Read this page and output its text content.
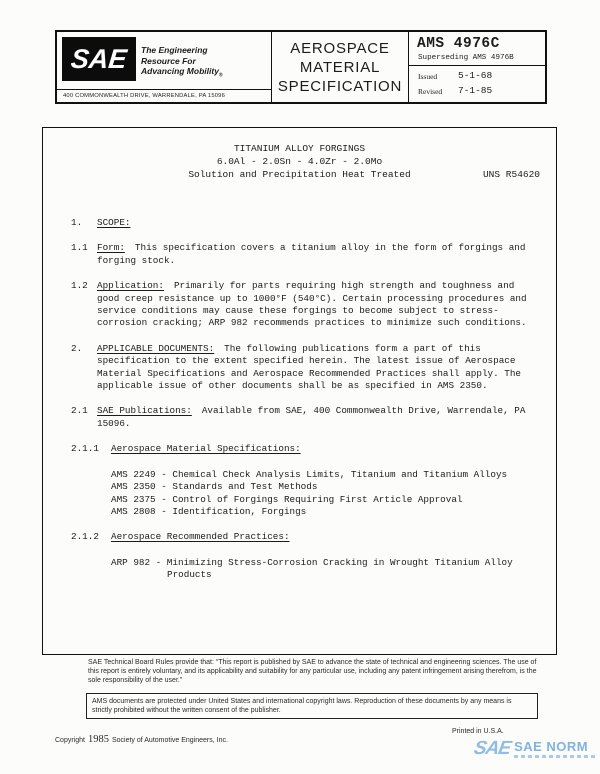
SAE The Engineering
Resource For
Advancing Mobility$_®$
400 COMMONWEALTH DRIVE, WARRENDALE, PA 15096
AEROSPACE
MATERIAL
SPECIFICATION
AMS 4976C
Superseding AMS 4976B
Issued	5-1-68
Revised	7-1-85
TITANIUM ALLOY FORGINGS
6.0Al - 2.0Sn - 4.0Zr - 2.0Mo
Solution and Precipitation Heat Treated	UNS R54620
1. SCOPE:
1.1 Form: This specification covers a titanium alloy in the form of forgings and forging stock.
1.2 Application: Primarily for parts requiring high strength and toughness and good creep resistance up to 1000°F (540°C). Certain processing procedures and service conditions may cause these forgings to become subject to stress-corrosion cracking; ARP 982 recommends practices to minimize such conditions.
2. APPLICABLE DOCUMENTS: The following publications form a part of this specification to the extent specified herein. The latest issue of Aerospace Material Specifications and Aerospace Recommended Practices shall apply. The applicable issue of other documents shall be as specified in AMS 2350.
2.1 SAE Publications: Available from SAE, 400 Commonwealth Drive, Warrendale, PA 15096.
2.1.1 Aerospace Material Specifications:
AMS 2249 - Chemical Check Analysis Limits, Titanium and Titanium Alloys
AMS 2350 - Standards and Test Methods
AMS 2375 - Control of Forgings Requiring First Article Approval
AMS 2808 - Identification, Forgings
2.1.2 Aerospace Recommended Practices:
ARP 982 - Minimizing Stress-Corrosion Cracking in Wrought Titanium Alloy Products
SAE Technical Board Rules provide that: “This report is published by SAE to advance the state of technical and engineering sciences. The use of this report is entirely voluntary, and its applicability and suitability for any particular use, including any patent infringement arising therefrom, is the sole responsibility of the user.”
AMS documents are protected under United States and international copyright laws. Reproduction of these documents by any means is strictly prohibited without the written consent of the publisher.
Copyright 1985 Society of Automotive Engineers, Inc.
Printed in U.S.A.
SAE SAE NORM
